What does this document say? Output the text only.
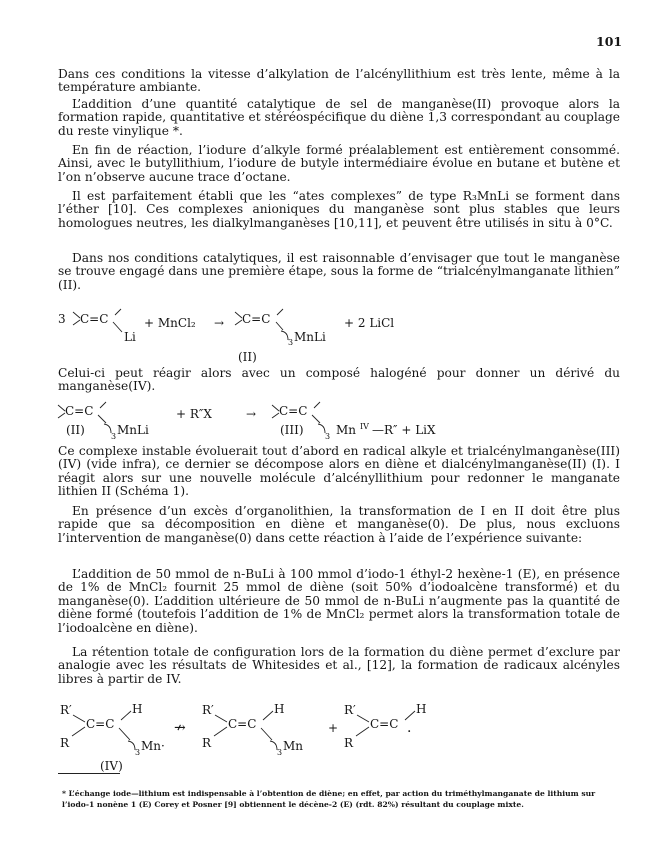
101
Dans ces conditions la vitesse d’alkylation de l’alcényllithium est très lente, même à la température ambiante.
L’addition d’une quantité catalytique de sel de manganèse(II) provoque alors la formation rapide, quantitative et stéréospécifique du diène 1,3 correspondant au couplage du reste vinylique *.
En fin de réaction, l’iodure d’alkyle formé préalablement est entièrement consommé. Ainsi, avec le butyllithium, l’iodure de butyle intermédiaire évolue en butane et butène et l’on n’observe aucune trace d’octane.
Il est parfaitement établi que les “ates complexes” de type R₃MnLi se forment dans l’éther [10]. Ces complexes anioniques du manganèse sont plus stables que leurs homologues neutres, les dialkylmanganèses [10,11], et peuvent être utilisés in situ à 0°C.
Dans nos conditions catalytiques, il est raisonnable d’envisager que tout le manganèse se trouve engagé dans une première étape, sous la forme de “trialcénylmanganate lithien” (II).
3 C=C
Li
+ MnCl₂ → C=C
3 MnLi
+ 2 LiCl
(II)
Celui-ci peut réagir alors avec un composé halogéné pour donner un dérivé du manganèse(IV).
C=C
(II)	3 MnLi
+ R″X	→ C=C
(III)	3 Mn IV —R″ + LiX
Ce complexe instable évoluerait tout d’abord en radical alkyle et trialcénylmanganèse(III) (IV) (vide infra), ce dernier se décompose alors en diène et dialcénylmanganèse(II) (I). I réagit alors sur une nouvelle molécule d’alcényllithium pour redonner le manganate lithien II (Schéma 1).
En présence d’un excès d’organolithien, la transformation de I en II doit être plus rapide que sa décomposition en diène et manganèse(0). De plus, nous excluons l’intervention de manganèse(0) dans cette réaction à l’aide de l’expérience suivante:
L’addition de 50 mmol de n-BuLi à 100 mmol d’iodo-1 éthyl-2 hexène-1 (E), en présence de 1% de MnCl₂ fournit 25 mmol de diène (soit 50% d’iodoalcène transformé) et du manganèse(0). L’addition ultérieure de 50 mmol de n-BuLi n’augmente pas la quantité de diène formé (toutefois l’addition de 1% de MnCl₂ permet alors la transformation totale de l’iodoalcène en diène).
La rétention totale de configuration lors de la formation du diène permet d’exclure par analogie avec les résultats de Whitesides et al., [12], la formation de radicaux alcényles libres à partir de IV.
R′
R
C=C
H
3 Mn·
↛
R′
R
C=C
H
3 Mn
+
R′
R
C=C
H
·
(IV)
* L’échange iode—lithium est indispensable à l’obtention de diène; en effet, par action du triméthylmanganate de lithium sur l’iodo-1 nonène 1 (E) Corey et Posner [9] obtiennent le décène-2 (E) (rdt. 82%) résultant du couplage mixte.
